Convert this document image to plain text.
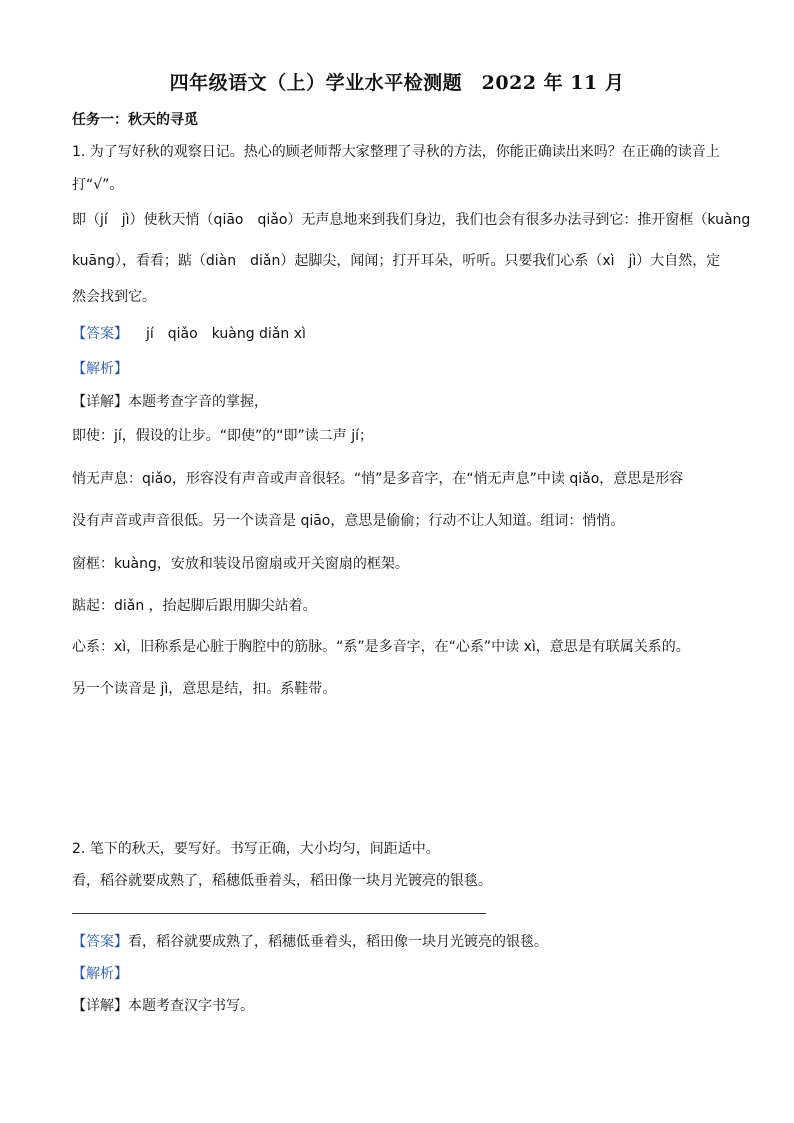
四年级语文（上）学业水平检测题　2022 年 11 月
任务一：秋天的寻觅
1. 为了写好秋的观察日记。热心的顾老师帮大家整理了寻秋的方法，你能正确读出来吗？在正确的读音上
打“√”。
即（jí　jì）使秋天悄（qiāo　qiǎo）无声息地来到我们身边，我们也会有很多办法寻到它：推开窗框（kuàng
kuāng），看看；踮（diàn　diǎn）起脚尖，闻闻；打开耳朵，听听。只要我们心系（xì　jì）大自然，定
然会找到它。
【答案】 jí　qiǎo　kuàng diǎn xì
【解析】
【详解】本题考查字音的掌握，
即使：jí，假设的让步。“即使”的“即”读二声 jí；
悄无声息：qiǎo，形容没有声音或声音很轻。“悄”是多音字，在“悄无声息”中读 qiǎo，意思是形容
没有声音或声音很低。另一个读音是 qiāo，意思是偷偷；行动不让人知道。组词：悄悄。
窗框：kuàng，安放和装设吊窗扇或开关窗扇的框架。
踮起：diǎn ，抬起脚后跟用脚尖站着。
心系：xì，旧称系是心脏于胸腔中的筋脉。“系”是多音字，在“心系”中读 xì，意思是有联属关系的。
另一个读音是 jì，意思是结，扣。系鞋带。
2. 笔下的秋天，要写好。书写正确，大小均匀，间距适中。
看，稻谷就要成熟了，稻穗低垂着头，稻田像一块月光镀亮的银毯。
【答案】看，稻谷就要成熟了，稻穗低垂着头，稻田像一块月光镀亮的银毯。
【解析】
【详解】本题考查汉字书写。
